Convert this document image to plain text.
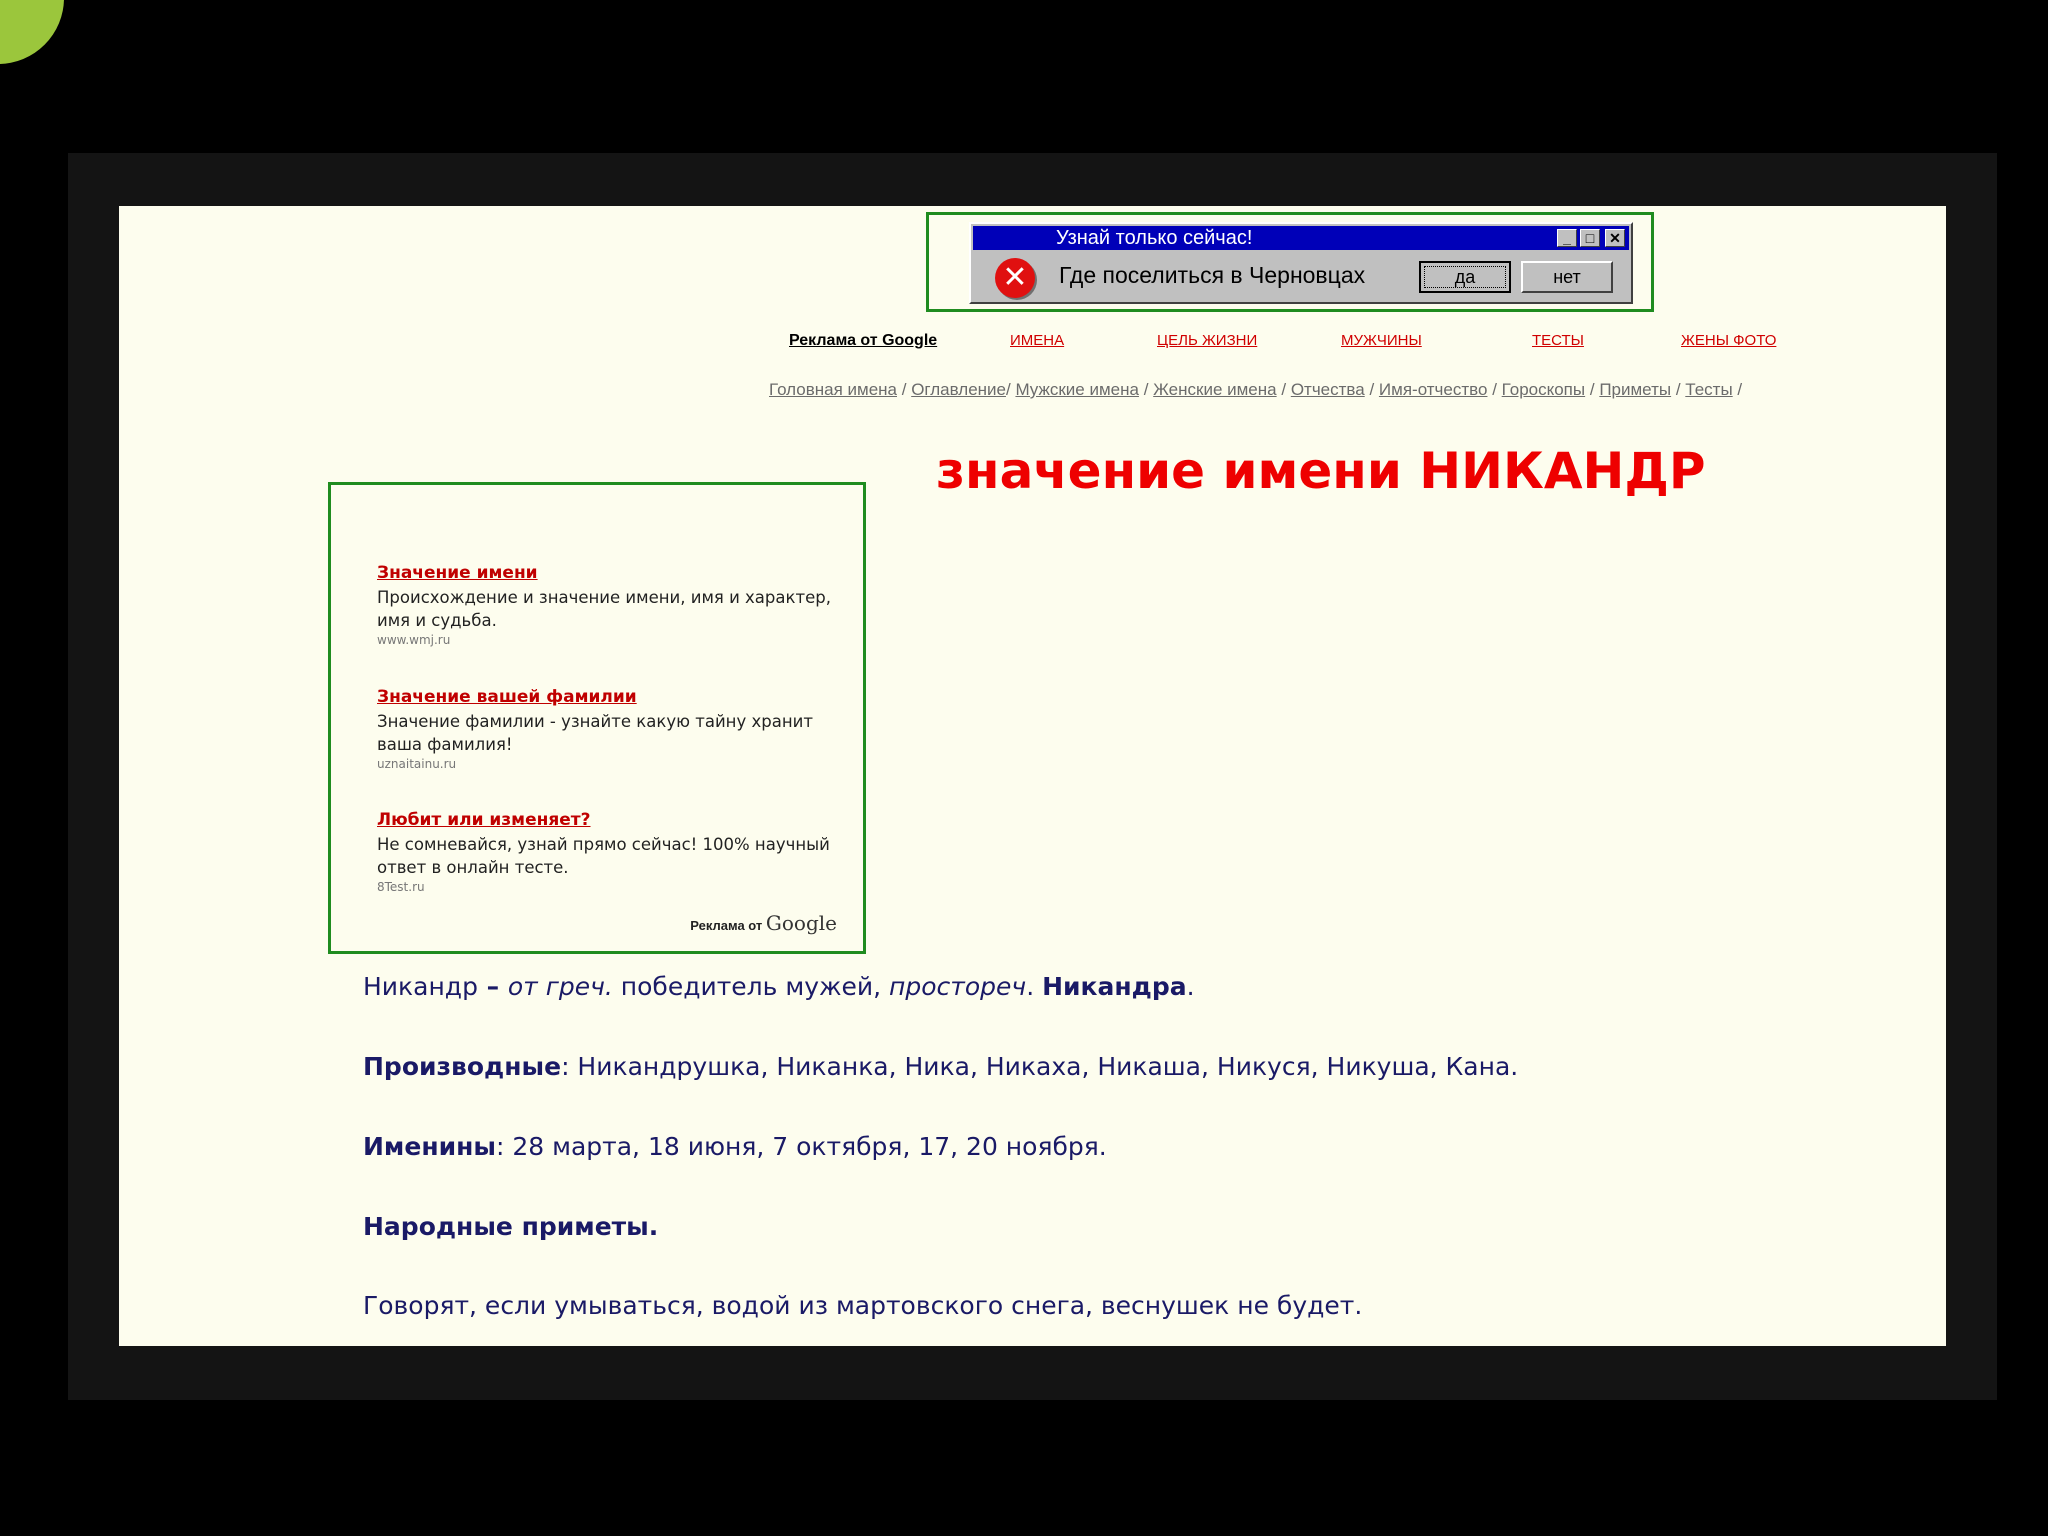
Узнай только сейчас!	_	□	✕
✕	Где поселиться в Черновцах	да	нет
Реклама от Google	ИМЕНА	ЦЕЛЬ ЖИЗНИ	МУЖЧИНЫ	ТЕСТЫ	ЖЕНЫ ФОТО
Головная имена / Оглавление/ Мужские имена / Женские имена / Отчества / Имя-отчество / Гороскопы / Приметы / Тесты /
значение имени НИКАНДР
Значение имени
Происхождение и значение имени, имя и характер, имя и судьба.
www.wmj.ru
Значение вашей фамилии
Значение фамилии - узнайте какую тайну хранит ваша фамилия!
uznaitainu.ru
Любит или изменяет?
Не сомневайся, узнай прямо сейчас! 100% научный ответ в онлайн тесте.
8Test.ru
Реклама от Google
Никандр – от греч. победитель мужей, простореч. Никандра.
Производные: Никандрушка, Никанка, Ника, Никаха, Никаша, Никуся, Никуша, Кана.
Именины: 28 марта, 18 июня, 7 октября, 17, 20 ноября.
Народные приметы.
Говорят, если умываться, водой из мартовского снега, веснушек не будет.
